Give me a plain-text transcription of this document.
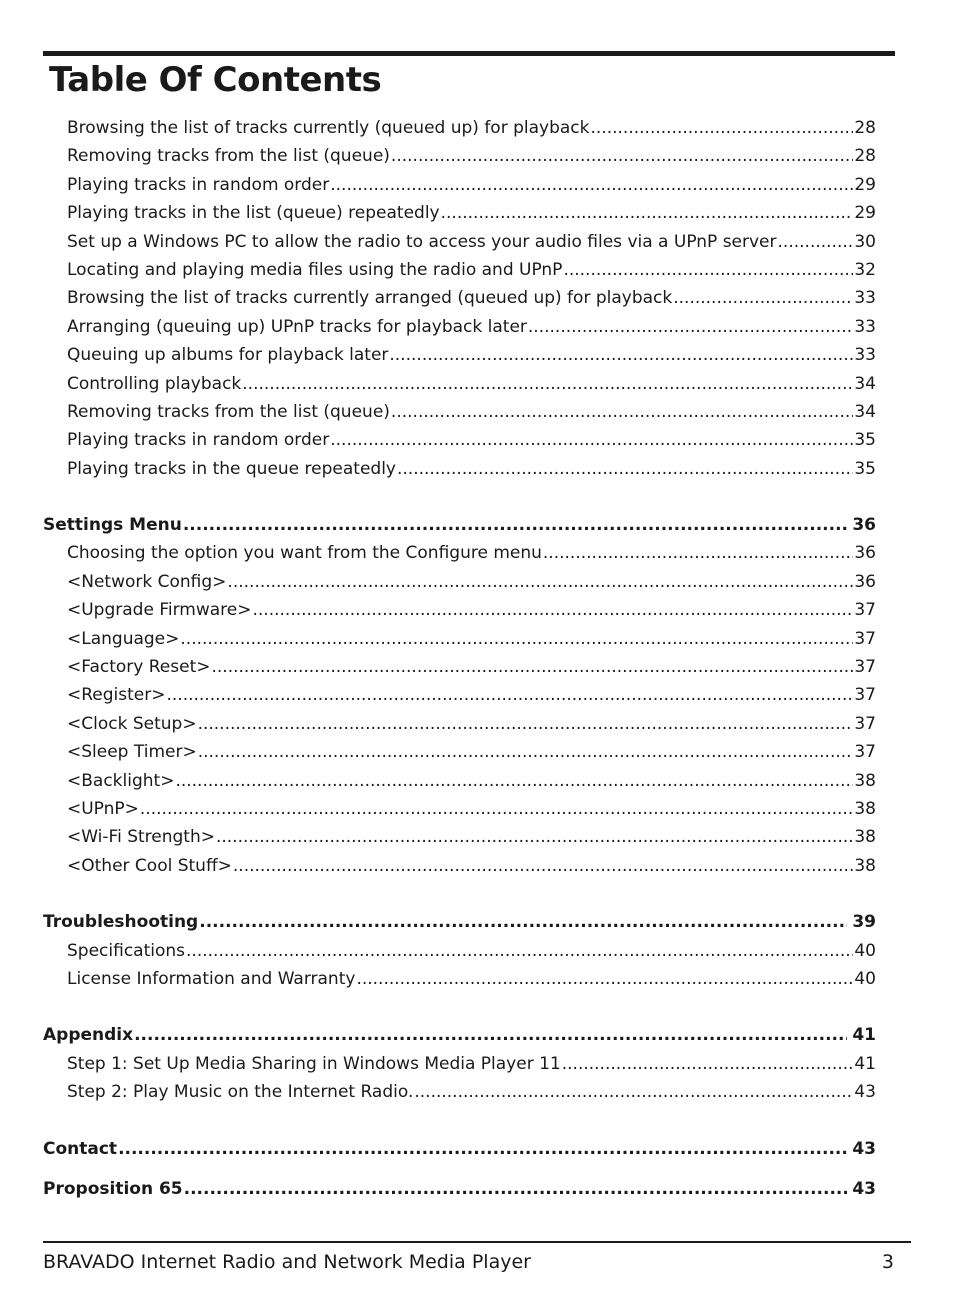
Table Of Contents
Browsing the list of tracks currently (queued up) for playback .....	28
Removing tracks from the list (queue) .....	28
Playing tracks in random order .....	29
Playing tracks in the list (queue) repeatedly .....	29
Set up a Windows PC to allow the radio to access your audio files via a UPnP server .....	30
Locating and playing media files using the radio and UPnP .....	32
Browsing the list of tracks currently arranged (queued up) for playback .....	33
Arranging (queuing up) UPnP tracks for playback later .....	33
Queuing up albums for playback later .....	33
Controlling playback .....	34
Removing tracks from the list (queue) .....	34
Playing tracks in random order .....	35
Playing tracks in the queue repeatedly .....	35
Settings Menu .....	36
Choosing the option you want from the Configure menu .....	36
<Network Config> .....	36
<Upgrade Firmware> .....	37
<Language> .....	37
<Factory Reset> .....	37
<Register> .....	37
<Clock Setup> .....	37
<Sleep Timer> .....	37
<Backlight> .....	38
<UPnP> .....	38
<Wi-Fi Strength> .....	38
<Other Cool Stuff> .....	38
Troubleshooting .....	39
Specifications .....	40
License Information and Warranty .....	40
Appendix .....	41
Step 1: Set Up Media Sharing in Windows Media Player 11 .....	41
Step 2: Play Music on the Internet Radio. .....	43
Contact .....	43
Proposition 65 .....	43
BRAVADO Internet Radio and Network Media Player	3
